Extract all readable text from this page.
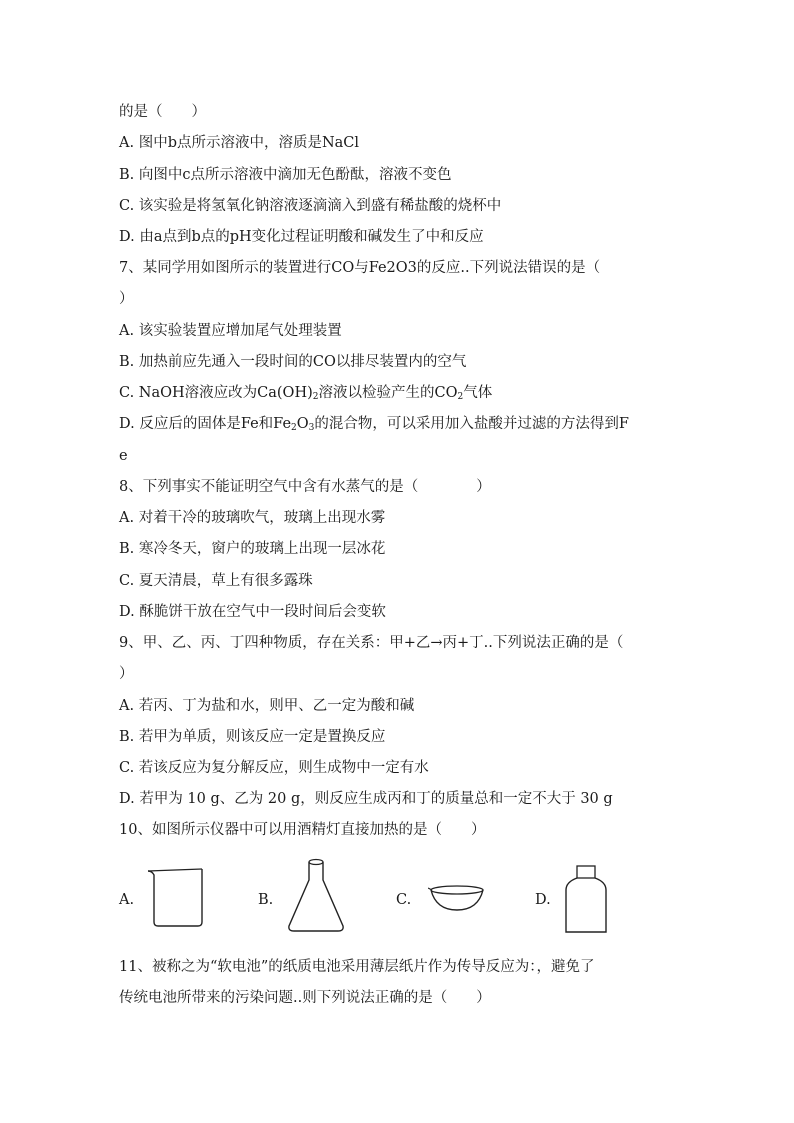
的是（　　）
A. 图中b点所示溶液中，溶质是NaCl
B. 向图中c点所示溶液中滴加无色酚酞，溶液不变色
C. 该实验是将氢氧化钠溶液逐滴滴入到盛有稀盐酸的烧杯中
D. 由a点到b点的pH变化过程证明酸和碱发生了中和反应
7、某同学用如图所示的装置进行CO与Fe2O3的反应..下列说法错误的是（
）
A. 该实验装置应增加尾气处理装置
B. 加热前应先通入一段时间的CO以排尽装置内的空气
C. NaOH溶液应改为$Ca(OH)_2$溶液以检验产生的$CO_2$气体
D. 反应后的固体是Fe和$Fe_2O_3$的混合物，可以采用加入盐酸并过滤的方法得到F
e
8、下列事实不能证明空气中含有水蒸气的是（　　　　）
A. 对着干冷的玻璃吹气，玻璃上出现水雾
B. 寒冷冬天，窗户的玻璃上出现一层冰花
C. 夏天清晨，草上有很多露珠
D. 酥脆饼干放在空气中一段时间后会变软
9、甲、乙、丙、丁四种物质，存在关系：甲+乙→丙+丁..下列说法正确的是（
）
A. 若丙、丁为盐和水，则甲、乙一定为酸和碱
B. 若甲为单质，则该反应一定是置换反应
C. 若该反应为复分解反应，则生成物中一定有水
D. 若甲为 10 g、乙为 20 g，则反应生成丙和丁的质量总和一定不大于 30 g
10、如图所示仪器中可以用酒精灯直接加热的是（　　）
A.	B.	C.	D.
11、被称之为“软电池”的纸质电池采用薄层纸片作为传导反应为：，避免了
传统电池所带来的污染问题..则下列说法正确的是（　　）
